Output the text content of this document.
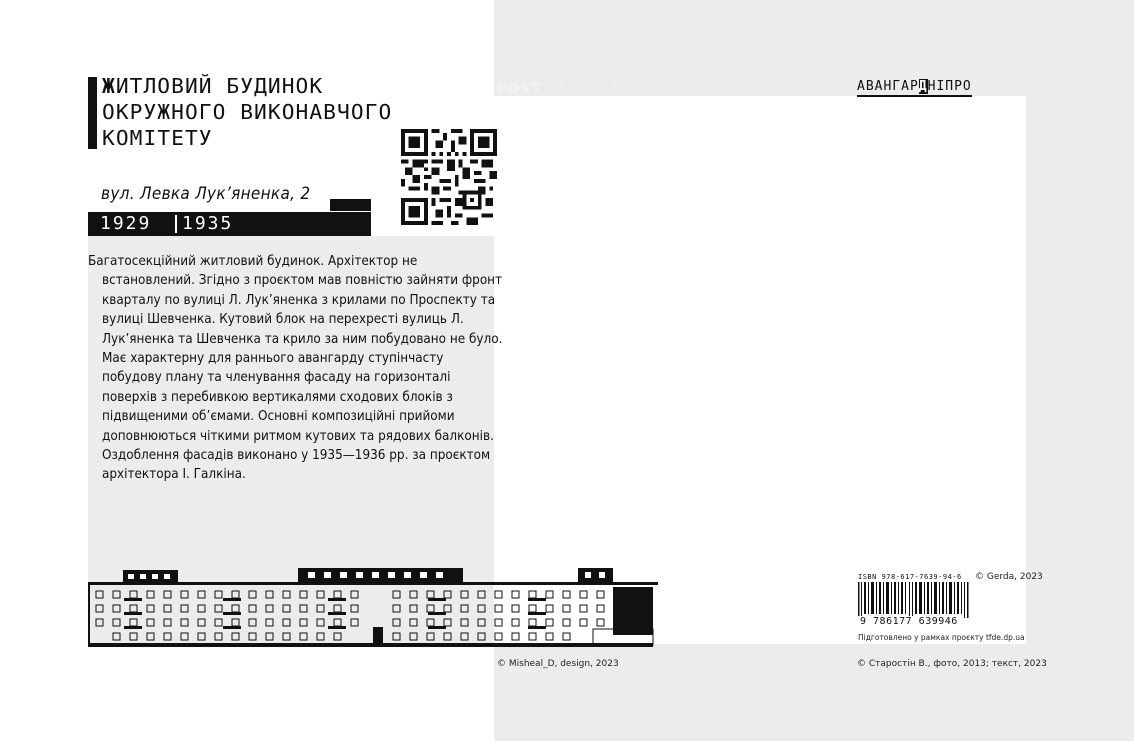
ЖИТЛОВИЙ БУДИНОК
ОКРУЖНОГО ВИКОНАВЧОГО
КОМІТЕТУ
POSTCARD#01	АВАНГАРДНІПРО
вул. Левка Лук’яненка, 2
1929 1935

Багатосекційний житловий будинок. Архітектор не встановлений. Згідно з проєктом мав повністю зайняти фронт кварталу по вулиці Л. Лук’яненка з крилами по Проспекту та вулиці Шевченка. Кутовий блок на перехресті вулиць Л. Лук’яненка та Шевченка та крило за ним побудовано не було. Має характерну для раннього авангарду ступінчасту побудову плану та членування фасаду на горизонталі поверхів з перебивкою вертикалями сходових блоків з підвищеними об’ємами. Основні композиційні прийоми доповнюються чіткими ритмом кутових та рядових балконів. Оздоблення фасадів виконано у 1935—1936 рр. за проєктом архітектора І. Галкіна.

ISBN 978-617-7639-94-6
9 786177 639946
© Gerda, 2023
Підготовлено у рамках проєкту tfde.dp.ua
© Misheal_D, design, 2023	© Старостін В., фото, 2013; текст, 2023
